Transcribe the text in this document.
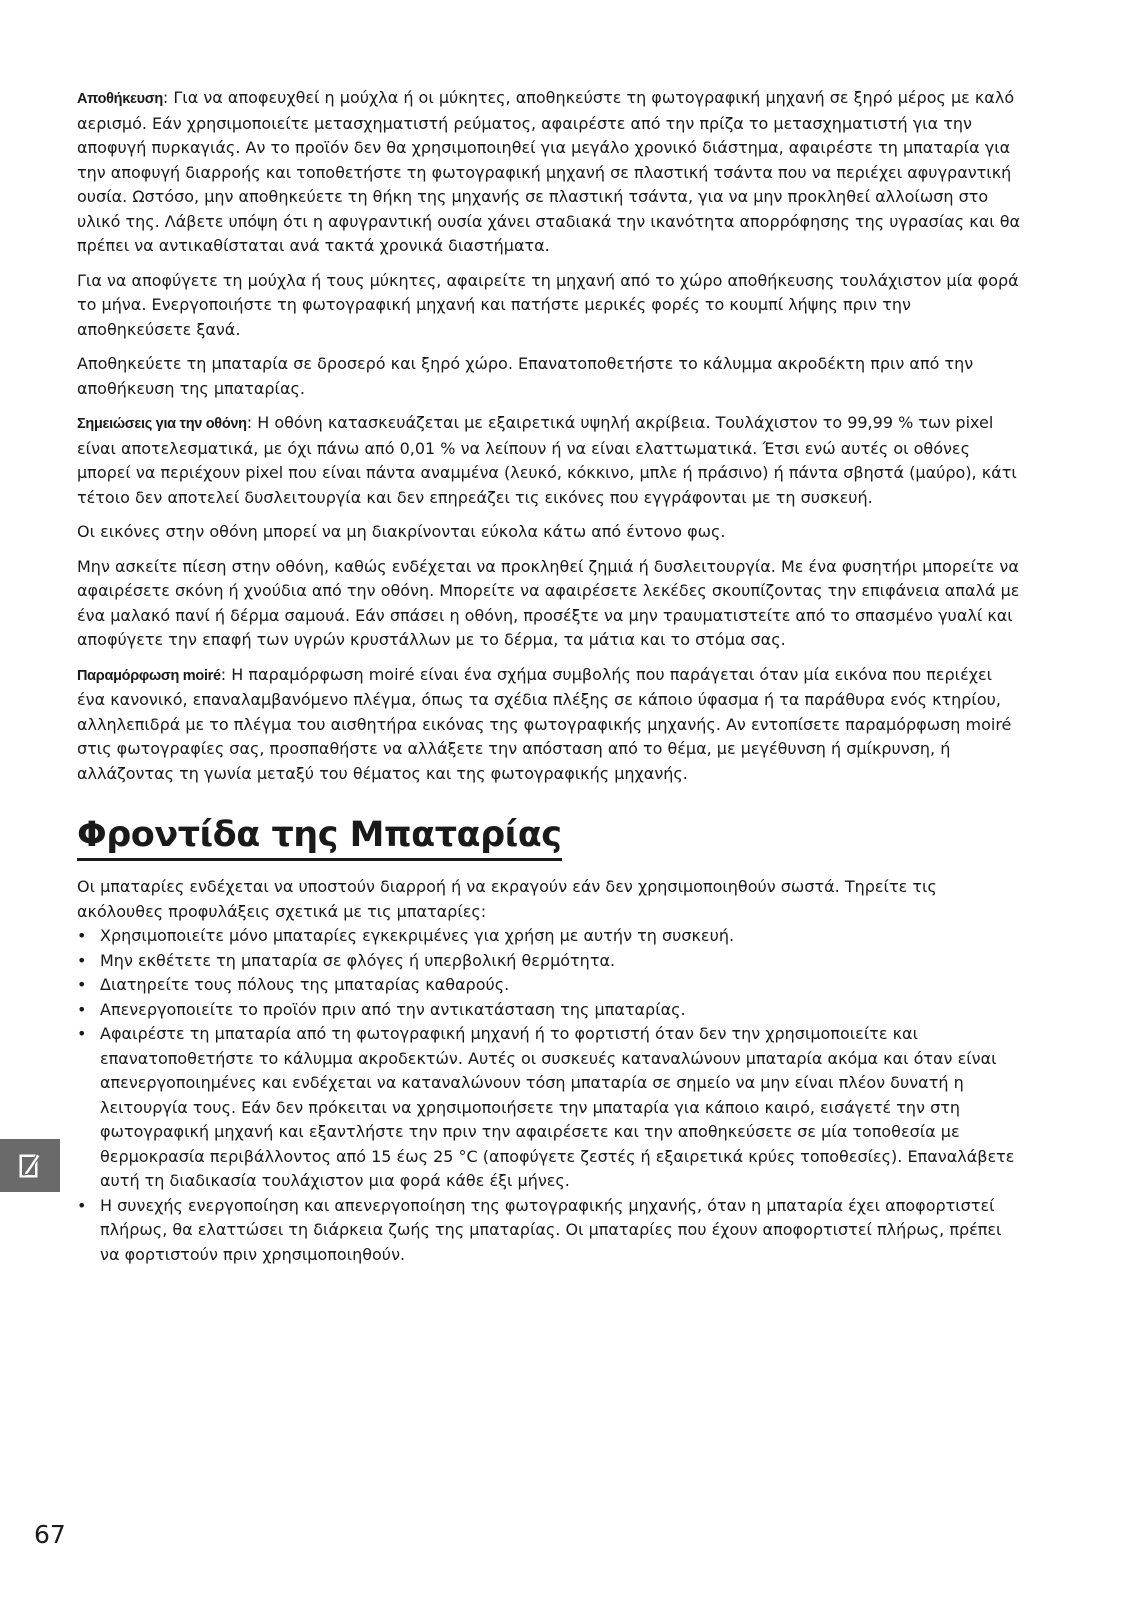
Αποθήκευση: Για να αποφευχθεί η μούχλα ή οι μύκητες, αποθηκεύστε τη φωτογραφική μηχανή σε ξηρό μέρος με καλό αερισμό. Εάν χρησιμοποιείτε μετασχηματιστή ρεύματος, αφαιρέστε από την πρίζα το μετασχηματιστή για την αποφυγή πυρκαγιάς. Αν το προϊόν δεν θα χρησιμοποιηθεί για μεγάλο χρονικό διάστημα, αφαιρέστε τη μπαταρία για την αποφυγή διαρροής και τοποθετήστε τη φωτογραφική μηχανή σε πλαστική τσάντα που να περιέχει αφυγραντική ουσία. Ωστόσο, μην αποθηκεύετε τη θήκη της μηχανής σε πλαστική τσάντα, για να μην προκληθεί αλλοίωση στο υλικό της. Λάβετε υπόψη ότι η αφυγραντική ουσία χάνει σταδιακά την ικανότητα απορρόφησης της υγρασίας και θα πρέπει να αντικαθίσταται ανά τακτά χρονικά διαστήματα.

Για να αποφύγετε τη μούχλα ή τους μύκητες, αφαιρείτε τη μηχανή από το χώρο αποθήκευσης τουλάχιστον μία φορά το μήνα. Ενεργοποιήστε τη φωτογραφική μηχανή και πατήστε μερικές φορές το κουμπί λήψης πριν την αποθηκεύσετε ξανά.

Αποθηκεύετε τη μπαταρία σε δροσερό και ξηρό χώρο. Επανατοποθετήστε το κάλυμμα ακροδέκτη πριν από την αποθήκευση της μπαταρίας.

Σημειώσεις για την οθόνη: Η οθόνη κατασκευάζεται με εξαιρετικά υψηλή ακρίβεια. Τουλάχιστον το 99,99 % των pixel είναι αποτελεσματικά, με όχι πάνω από 0,01 % να λείπουν ή να είναι ελαττωματικά. Έτσι ενώ αυτές οι οθόνες μπορεί να περιέχουν pixel που είναι πάντα αναμμένα (λευκό, κόκκινο, μπλε ή πράσινο) ή πάντα σβηστά (μαύρο), κάτι τέτοιο δεν αποτελεί δυσλειτουργία και δεν επηρεάζει τις εικόνες που εγγράφονται με τη συσκευή.

Οι εικόνες στην οθόνη μπορεί να μη διακρίνονται εύκολα κάτω από έντονο φως.

Μην ασκείτε πίεση στην οθόνη, καθώς ενδέχεται να προκληθεί ζημιά ή δυσλειτουργία. Με ένα φυσητήρι μπορείτε να αφαιρέσετε σκόνη ή χνούδια από την οθόνη. Μπορείτε να αφαιρέσετε λεκέδες σκουπίζοντας την επιφάνεια απαλά με ένα μαλακό πανί ή δέρμα σαμουά. Εάν σπάσει η οθόνη, προσέξτε να μην τραυματιστείτε από το σπασμένο γυαλί και αποφύγετε την επαφή των υγρών κρυστάλλων με το δέρμα, τα μάτια και το στόμα σας.

Παραμόρφωση moiré: Η παραμόρφωση moiré είναι ένα σχήμα συμβολής που παράγεται όταν μία εικόνα που περιέχει ένα κανονικό, επαναλαμβανόμενο πλέγμα, όπως τα σχέδια πλέξης σε κάποιο ύφασμα ή τα παράθυρα ενός κτηρίου, αλληλεπιδρά με το πλέγμα του αισθητήρα εικόνας της φωτογραφικής μηχανής. Αν εντοπίσετε παραμόρφωση moiré στις φωτογραφίες σας, προσπαθήστε να αλλάξετε την απόσταση από το θέμα, με μεγέθυνση ή σμίκρυνση, ή αλλάζοντας τη γωνία μεταξύ του θέματος και της φωτογραφικής μηχανής.

Φροντίδα της Μπαταρίας

Οι μπαταρίες ενδέχεται να υποστούν διαρροή ή να εκραγούν εάν δεν χρησιμοποιηθούν σωστά. Τηρείτε τις ακόλουθες προφυλάξεις σχετικά με τις μπαταρίες:

• Χρησιμοποιείτε μόνο μπαταρίες εγκεκριμένες για χρήση με αυτήν τη συσκευή.
• Μην εκθέτετε τη μπαταρία σε φλόγες ή υπερβολική θερμότητα.
• Διατηρείτε τους πόλους της μπαταρίας καθαρούς.
• Απενεργοποιείτε το προϊόν πριν από την αντικατάσταση της μπαταρίας.
• Αφαιρέστε τη μπαταρία από τη φωτογραφική μηχανή ή το φορτιστή όταν δεν την χρησιμοποιείτε και επανατοποθετήστε το κάλυμμα ακροδεκτών. Αυτές οι συσκευές καταναλώνουν μπαταρία ακόμα και όταν είναι απενεργοποιημένες και ενδέχεται να καταναλώνουν τόση μπαταρία σε σημείο να μην είναι πλέον δυνατή η λειτουργία τους. Εάν δεν πρόκειται να χρησιμοποιήσετε την μπαταρία για κάποιο καιρό, εισάγετέ την στη φωτογραφική μηχανή και εξαντλήστε την πριν την αφαιρέσετε και την αποθηκεύσετε σε μία τοποθεσία με θερμοκρασία περιβάλλοντος από 15 έως 25 °C (αποφύγετε ζεστές ή εξαιρετικά κρύες τοποθεσίες). Επαναλάβετε αυτή τη διαδικασία τουλάχιστον μια φορά κάθε έξι μήνες.
• Η συνεχής ενεργοποίηση και απενεργοποίηση της φωτογραφικής μηχανής, όταν η μπαταρία έχει αποφορτιστεί πλήρως, θα ελαττώσει τη διάρκεια ζωής της μπαταρίας. Οι μπαταρίες που έχουν αποφορτιστεί πλήρως, πρέπει να φορτιστούν πριν χρησιμοποιηθούν.
67
